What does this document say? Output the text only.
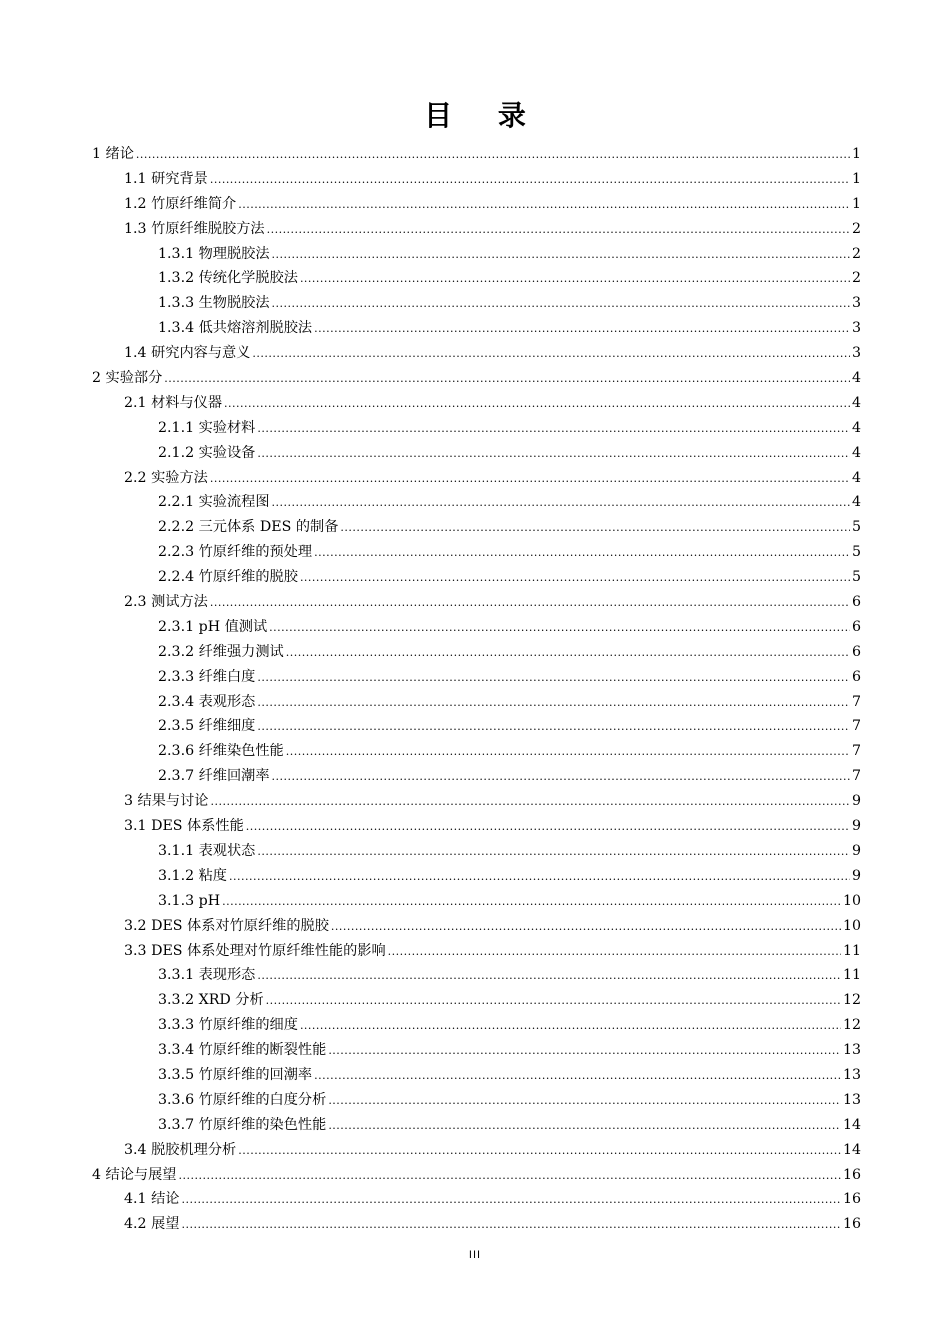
目 录
1 绪论 .....	1
1.1 研究背景 .....	1
1.2 竹原纤维简介 .....	1
1.3 竹原纤维脱胶方法 .....	2
1.3.1 物理脱胶法 .....	2
1.3.2 传统化学脱胶法 .....	2
1.3.3 生物脱胶法 .....	3
1.3.4 低共熔溶剂脱胶法 .....	3
1.4 研究内容与意义 .....	3
2 实验部分 .....	4
2.1 材料与仪器 .....	4
2.1.1 实验材料 .....	4
2.1.2 实验设备 .....	4
2.2 实验方法 .....	4
2.2.1 实验流程图 .....	4
2.2.2 三元体系 DES 的制备 .....	5
2.2.3 竹原纤维的预处理 .....	5
2.2.4 竹原纤维的脱胶 .....	5
2.3 测试方法 .....	6
2.3.1 pH 值测试 .....	6
2.3.2 纤维强力测试 .....	6
2.3.3 纤维白度 .....	6
2.3.4 表观形态 .....	7
2.3.5 纤维细度 .....	7
2.3.6 纤维染色性能 .....	7
2.3.7 纤维回潮率 .....	7
3 结果与讨论 .....	9
3.1 DES 体系性能 .....	9
3.1.1 表观状态 .....	9
3.1.2 粘度 .....	9
3.1.3 pH .....	10
3.2 DES 体系对竹原纤维的脱胶 .....	10
3.3 DES 体系处理对竹原纤维性能的影响 .....	11
3.3.1 表现形态 .....	11
3.3.2 XRD 分析 .....	12
3.3.3 竹原纤维的细度 .....	12
3.3.4 竹原纤维的断裂性能 .....	13
3.3.5 竹原纤维的回潮率 .....	13
3.3.6 竹原纤维的白度分析 .....	13
3.3.7 竹原纤维的染色性能 .....	14
3.4 脱胶机理分析 .....	14
4 结论与展望 .....	16
4.1 结论 .....	16
4.2 展望 .....	16
III
